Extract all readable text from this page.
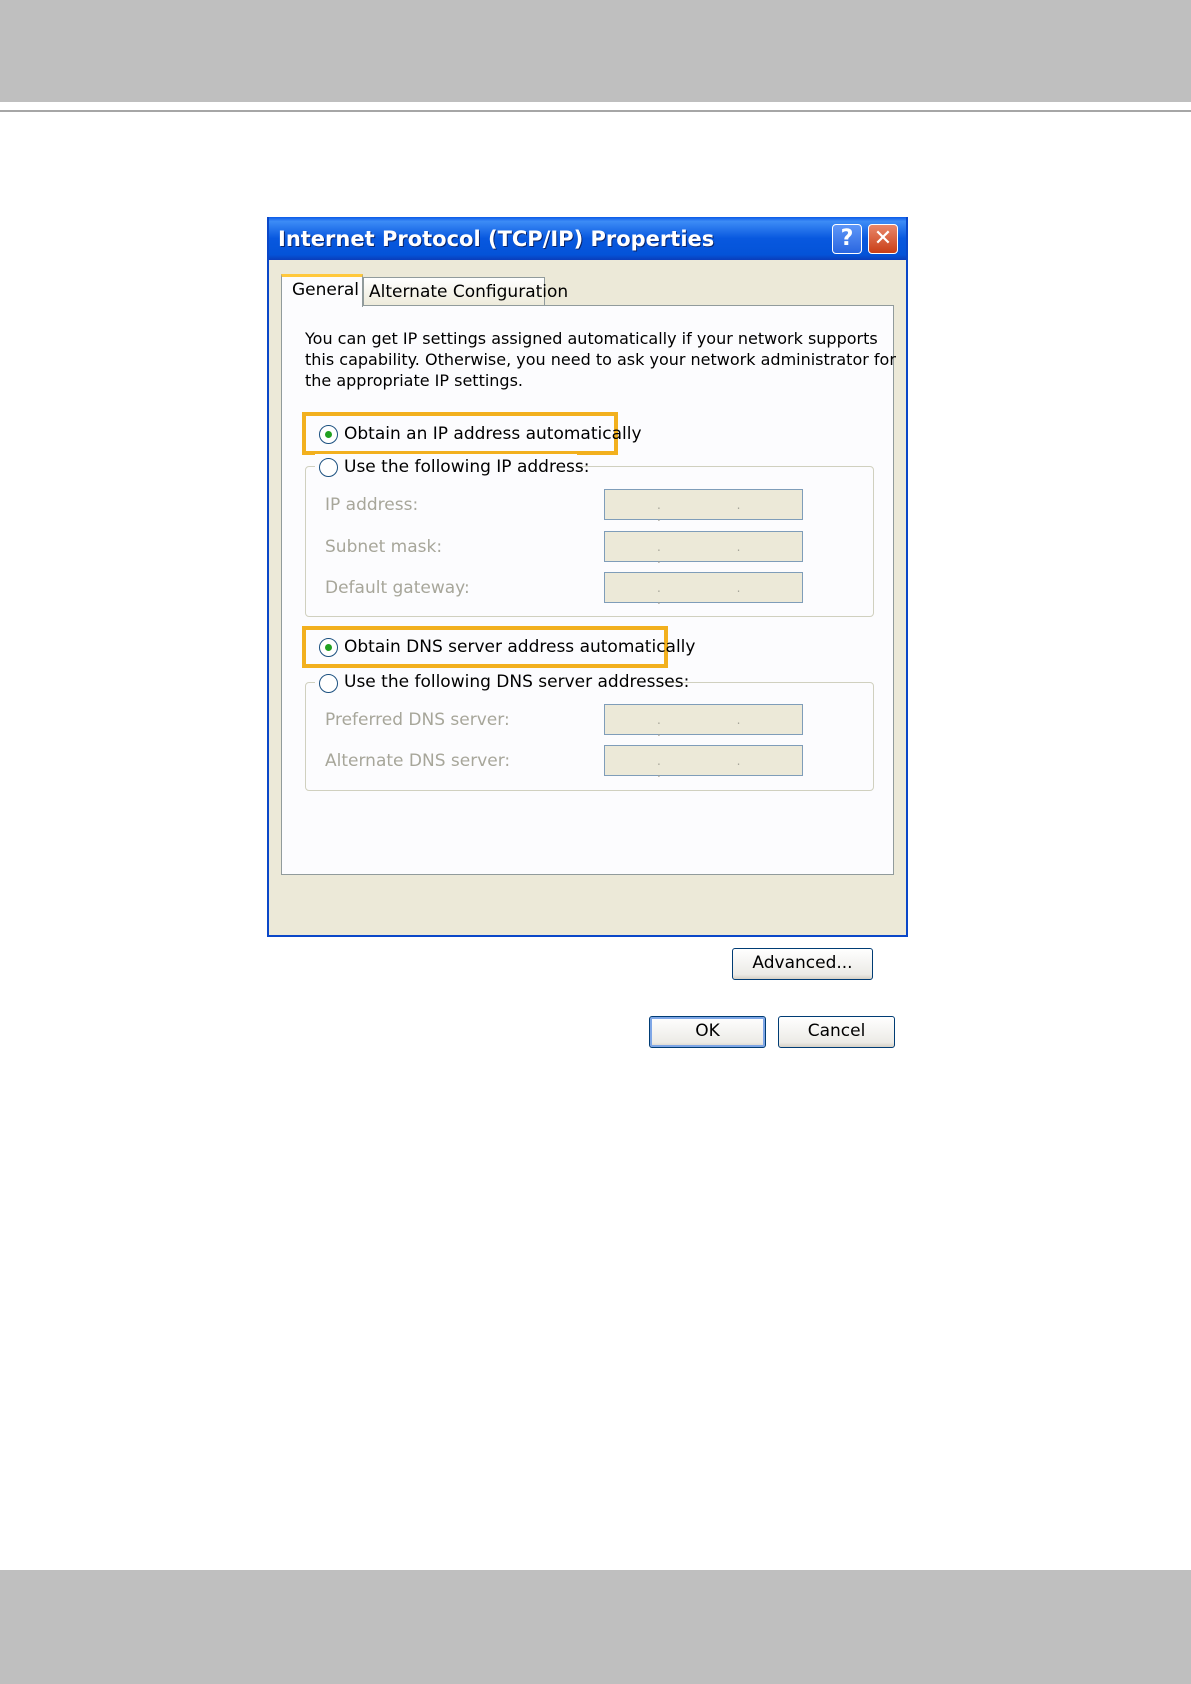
Internet Protocol (TCP/IP) Properties	? ✕
General Alternate Configuration
You can get IP settings assigned automatically if your network supports
this capability. Otherwise, you need to ask your network administrator for
the appropriate IP settings.
Obtain an IP address automatically
Use the following IP address:
IP address:	. . .
Subnet mask:	. . .
Default gateway:	. . .
Obtain DNS server address automatically
Use the following DNS server addresses:
Preferred DNS server:	. . .
Alternate DNS server:	. . .
Advanced...
OK	Cancel
